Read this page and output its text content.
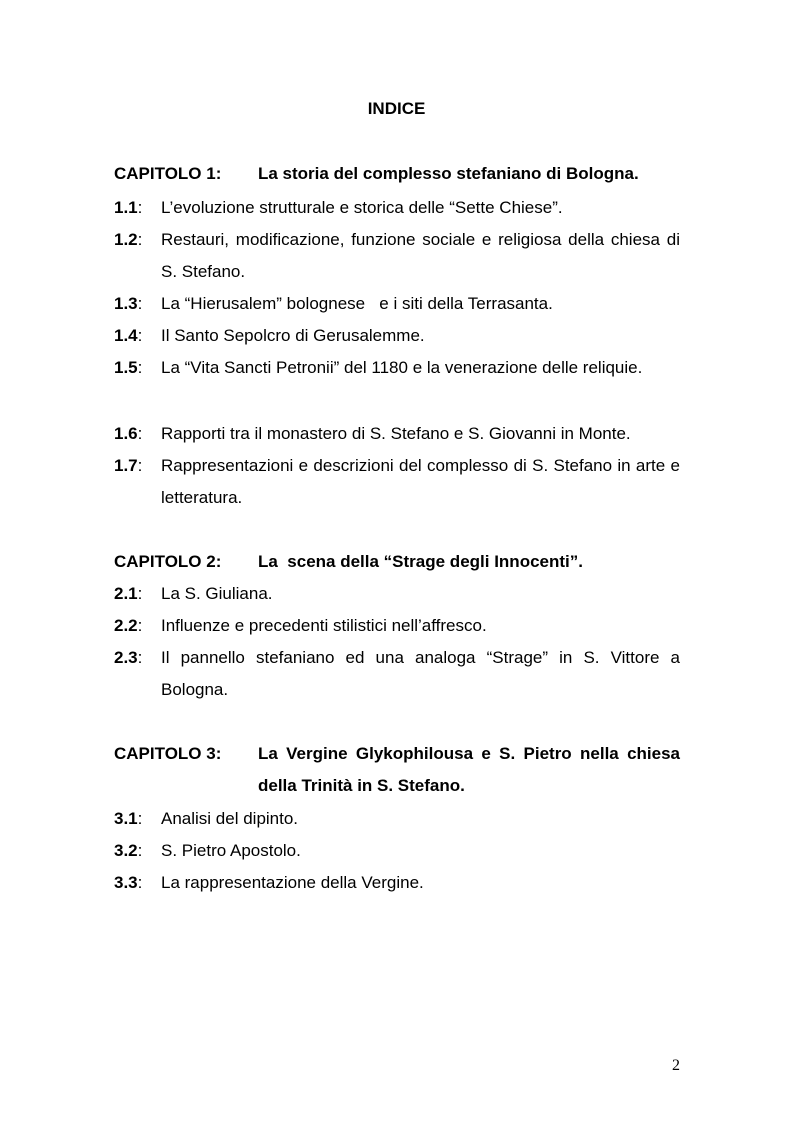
INDICE
CAPITOLO 1: La storia del complesso stefaniano di Bologna.
1.1: L’evoluzione strutturale e storica delle “Sette Chiese”.
1.2: Restauri, modificazione, funzione sociale e religiosa della chiesa di S. Stefano.
1.3: La “Hierusalem” bolognese   e i siti della Terrasanta.
1.4: Il Santo Sepolcro di Gerusalemme.
1.5: La “Vita Sancti Petronii” del 1180 e la venerazione delle reliquie.
1.6: Rapporti tra il monastero di S. Stefano e S. Giovanni in Monte.
1.7: Rappresentazioni e descrizioni del complesso di S. Stefano in arte e letteratura.
CAPITOLO 2: La  scena della “Strage degli Innocenti”.
2.1: La S. Giuliana.
2.2: Influenze e precedenti stilistici nell’affresco.
2.3: Il pannello stefaniano ed una analoga “Strage” in S. Vittore a Bologna.
CAPITOLO 3: La Vergine Glykophilousa e S. Pietro nella chiesa della Trinità in S. Stefano.
3.1: Analisi del dipinto.
3.2: S. Pietro Apostolo.
3.3: La rappresentazione della Vergine.
2
